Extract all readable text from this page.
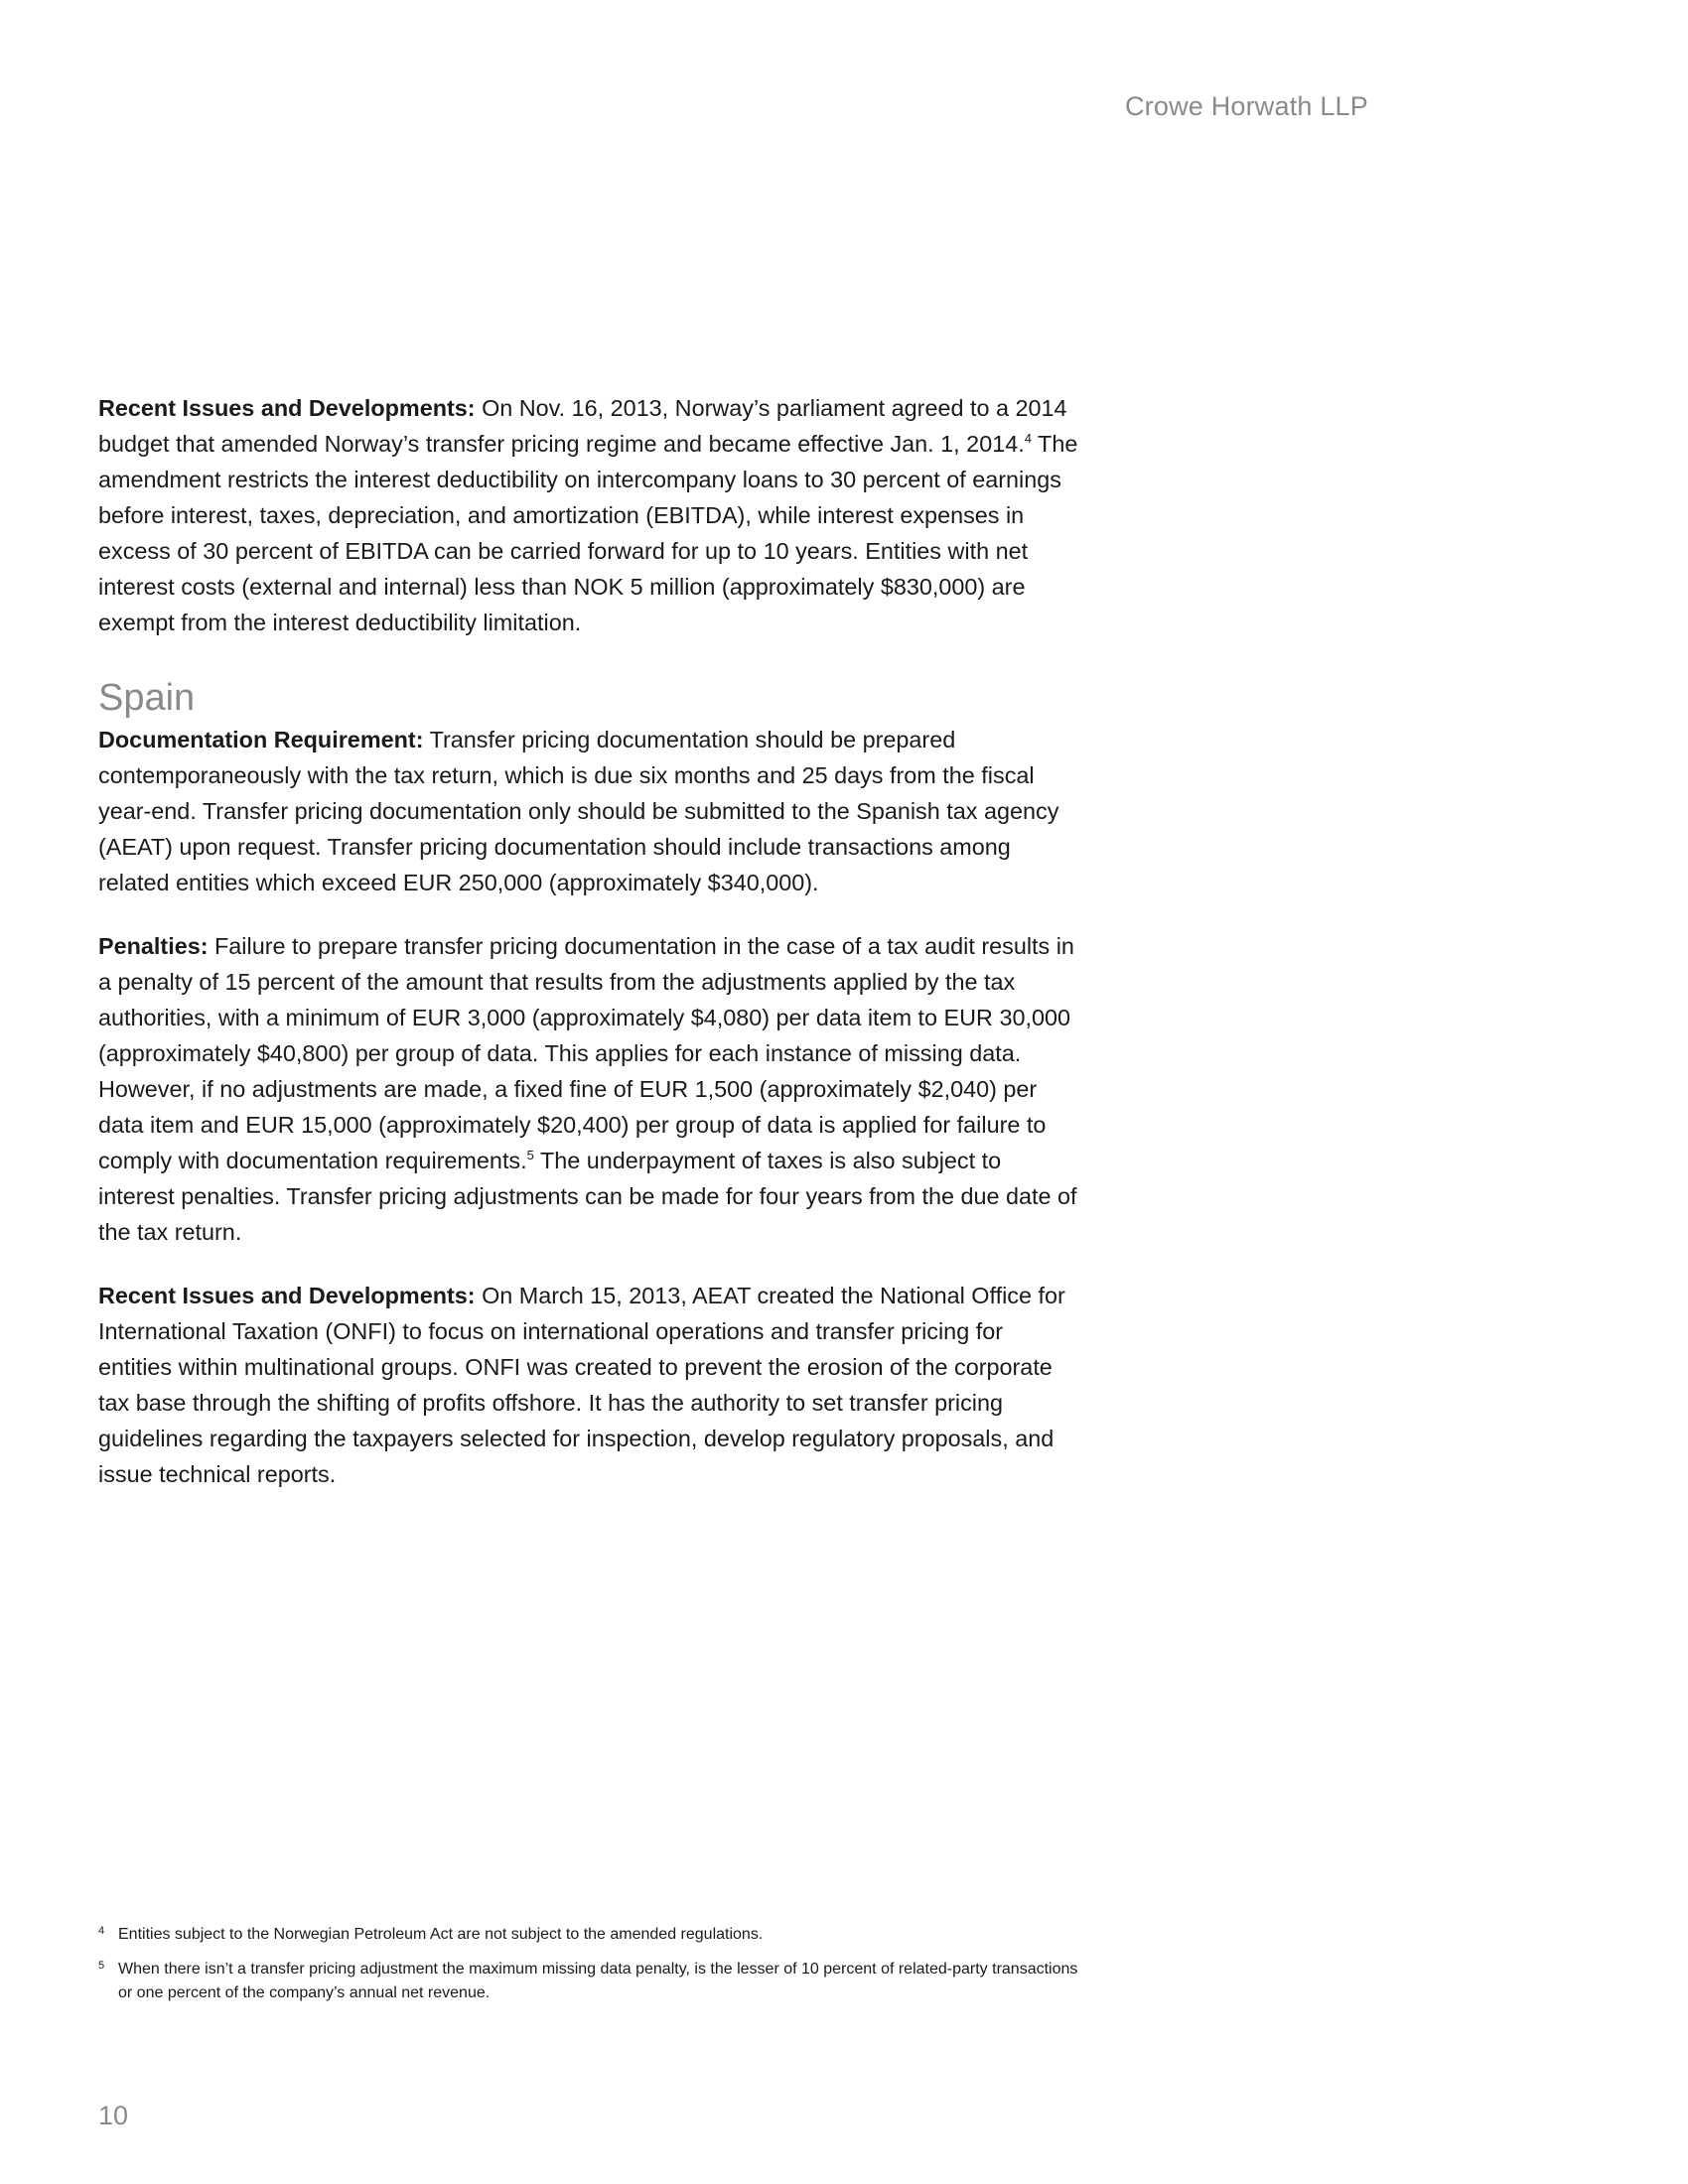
Crowe Horwath LLP

Recent Issues and Developments: On Nov. 16, 2013, Norway’s parliament agreed to a 2014 budget that amended Norway’s transfer pricing regime and became effective Jan. 1, 2014.$^4$ The amendment restricts the interest deductibility on intercompany loans to 30 percent of earnings before interest, taxes, depreciation, and amortization (EBITDA), while interest expenses in excess of 30 percent of EBITDA can be carried forward for up to 10 years. Entities with net interest costs (external and internal) less than NOK 5 million (approximately $830,000) are exempt from the interest deductibility limitation.

Spain

Documentation Requirement: Transfer pricing documentation should be prepared contemporaneously with the tax return, which is due six months and 25 days from the fiscal year-end. Transfer pricing documentation only should be submitted to the Spanish tax agency (AEAT) upon request. Transfer pricing documentation should include transactions among related entities which exceed EUR 250,000 (approximately $340,000).

Penalties: Failure to prepare transfer pricing documentation in the case of a tax audit results in a penalty of 15 percent of the amount that results from the adjustments applied by the tax authorities, with a minimum of EUR 3,000 (approximately $4,080) per data item to EUR 30,000 (approximately $40,800) per group of data. This applies for each instance of missing data. However, if no adjustments are made, a fixed fine of EUR 1,500 (approximately $2,040) per data item and EUR 15,000 (approximately $20,400) per group of data is applied for failure to comply with documentation requirements.$^5$ The underpayment of taxes is also subject to interest penalties. Transfer pricing adjustments can be made for four years from the due date of the tax return.

Recent Issues and Developments: On March 15, 2013, AEAT created the National Office for International Taxation (ONFI) to focus on international operations and transfer pricing for entities within multinational groups. ONFI was created to prevent the erosion of the corporate tax base through the shifting of profits offshore. It has the authority to set transfer pricing guidelines regarding the taxpayers selected for inspection, develop regulatory proposals, and issue technical reports.

4 Entities subject to the Norwegian Petroleum Act are not subject to the amended regulations.
5 When there isn’t a transfer pricing adjustment the maximum missing data penalty, is the lesser of 10 percent of related-party transactions or one percent of the company’s annual net revenue.
10
